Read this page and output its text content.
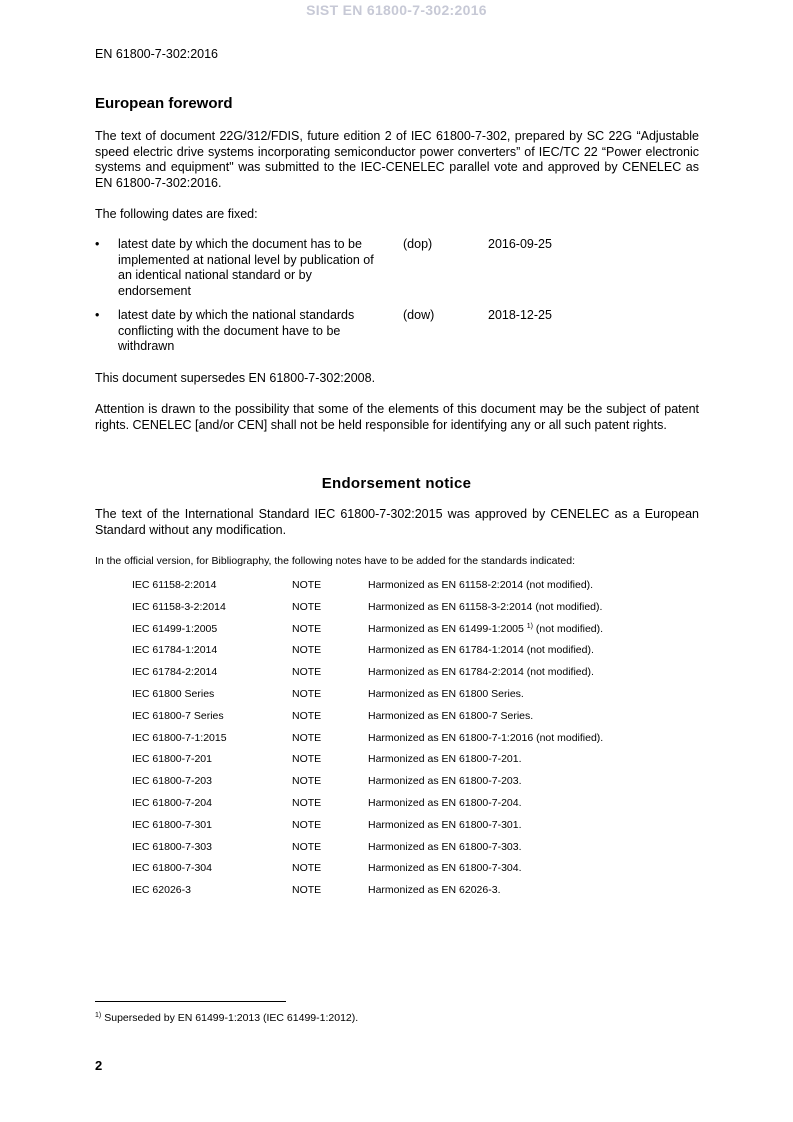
SIST EN 61800-7-302:2016
EN 61800-7-302:2016
European foreword

The text of document 22G/312/FDIS, future edition 2 of IEC 61800-7-302, prepared by SC 22G “Adjustable speed electric drive systems incorporating semiconductor power converters” of IEC/TC 22 “Power electronic systems and equipment" was submitted to the IEC-CENELEC parallel vote and approved by CENELEC as EN 61800-7-302:2016.

The following dates are fixed:

• latest date by which the document has to be implemented at national level by publication of an identical national standard or by endorsement
(dop)	2016-09-25
• latest date by which the national standards conflicting with the document have to be withdrawn
(dow)	2018-12-25

This document supersedes EN 61800-7-302:2008.

Attention is drawn to the possibility that some of the elements of this document may be the subject of patent rights. CENELEC [and/or CEN] shall not be held responsible for identifying any or all such patent rights.

Endorsement notice

The text of the International Standard IEC 61800-7-302:2015 was approved by CENELEC as a European Standard without any modification.

In the official version, for Bibliography, the following notes have to be added for the standards indicated:

IEC 61158-2:2014	NOTE	Harmonized as EN 61158-2:2014 (not modified).
IEC 61158-3-2:2014	NOTE	Harmonized as EN 61158-3-2:2014 (not modified).
IEC 61499-1:2005	NOTE	Harmonized as EN 61499-1:2005 $^{1)}$ (not modified).
IEC 61784-1:2014	NOTE	Harmonized as EN 61784-1:2014 (not modified).
IEC 61784-2:2014	NOTE	Harmonized as EN 61784-2:2014 (not modified).
IEC 61800 Series	NOTE	Harmonized as EN 61800 Series.
IEC 61800-7 Series	NOTE	Harmonized as EN 61800-7 Series.
IEC 61800-7-1:2015	NOTE	Harmonized as EN 61800-7-1:2016 (not modified).
IEC 61800-7-201	NOTE	Harmonized as EN 61800-7-201.
IEC 61800-7-203	NOTE	Harmonized as EN 61800-7-203.
IEC 61800-7-204	NOTE	Harmonized as EN 61800-7-204.
IEC 61800-7-301	NOTE	Harmonized as EN 61800-7-301.
IEC 61800-7-303	NOTE	Harmonized as EN 61800-7-303.
IEC 61800-7-304	NOTE	Harmonized as EN 61800-7-304.
IEC 62026-3	NOTE	Harmonized as EN 62026-3.
$^{1)}$ Superseded by EN 61499-1:2013 (IEC 61499-1:2012).
2
